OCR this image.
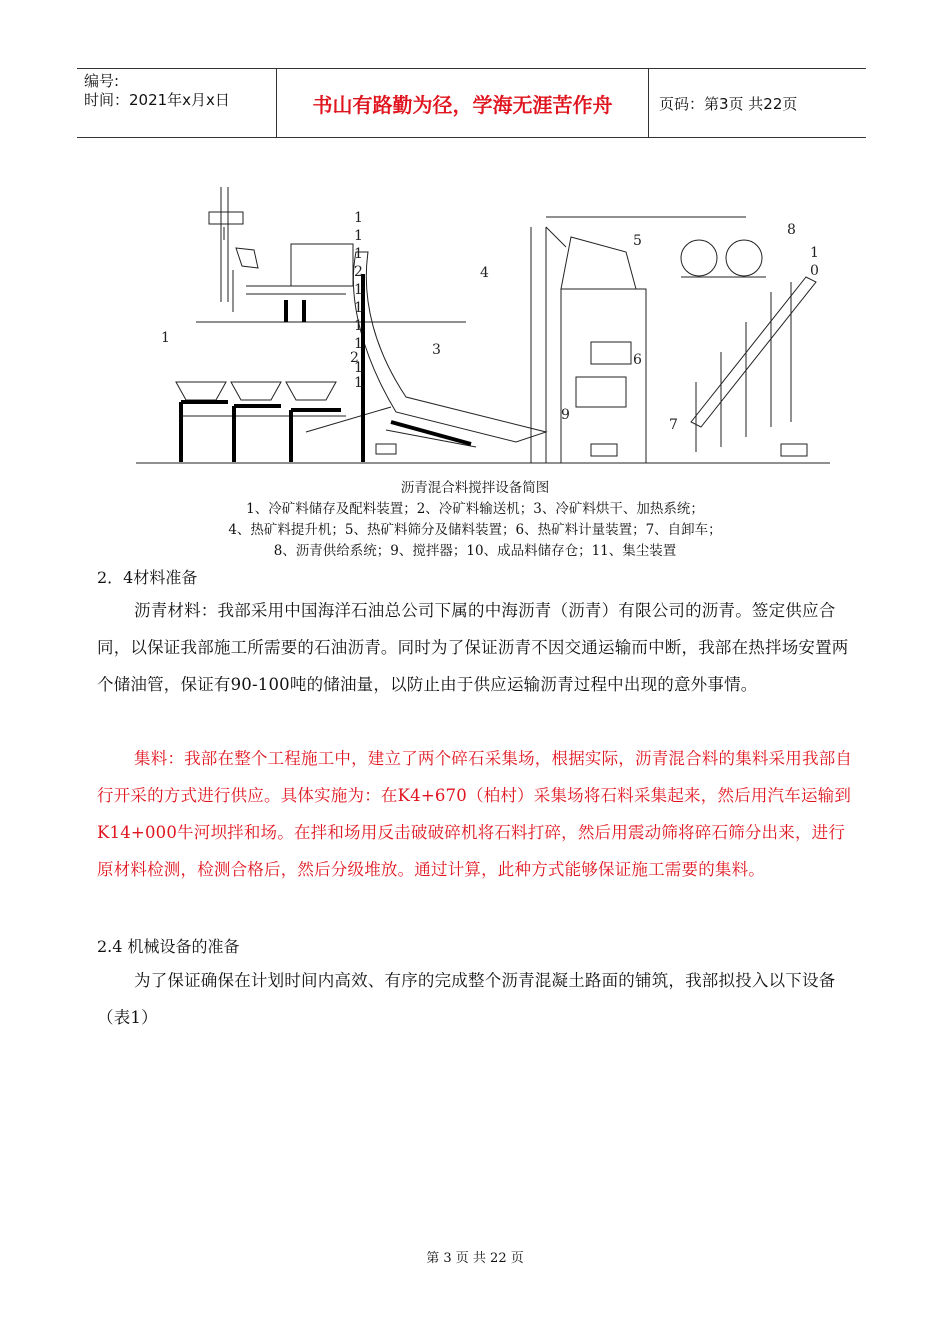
编号:
时间：2021年x月x日	书山有路勤为径，学海无涯苦作舟	页码：第3页 共22页
1
1
1
1
2
1
1
1
1
2
1
1
3
4
5
6
7
8
9
1
0
沥青混合料搅拌设备简图
1、冷矿料储存及配料装置；2、冷矿料输送机；3、冷矿料烘干、加热系统；
4、热矿料提升机；5、热矿料筛分及储料装置；6、热矿料计量装置；7、自卸车；
8、沥青供给系统；9、搅拌器；10、成品料储存仓；11、集尘装置
2．4材料准备
沥青材料：我部采用中国海洋石油总公司下属的中海沥青（沥青）有限公司的沥青。签定供应合同，以保证我部施工所需要的石油沥青。同时为了保证沥青不因交通运输而中断，我部在热拌场安置两个储油管，保证有90-100吨的储油量，以防止由于供应运输沥青过程中出现的意外事情。
集料：我部在整个工程施工中，建立了两个碎石采集场，根据实际，沥青混合料的集料采用我部自行开采的方式进行供应。具体实施为：在K4+670（柏村）采集场将石料采集起来，然后用汽车运输到K14+000牛河坝拌和场。在拌和场用反击破破碎机将石料打碎，然后用震动筛将碎石筛分出来，进行原材料检测，检测合格后，然后分级堆放。通过计算，此种方式能够保证施工需要的集料。
2.4 机械设备的准备
为了保证确保在计划时间内高效、有序的完成整个沥青混凝土路面的铺筑，我部拟投入以下设备（表1）
第 3 页 共 22 页
